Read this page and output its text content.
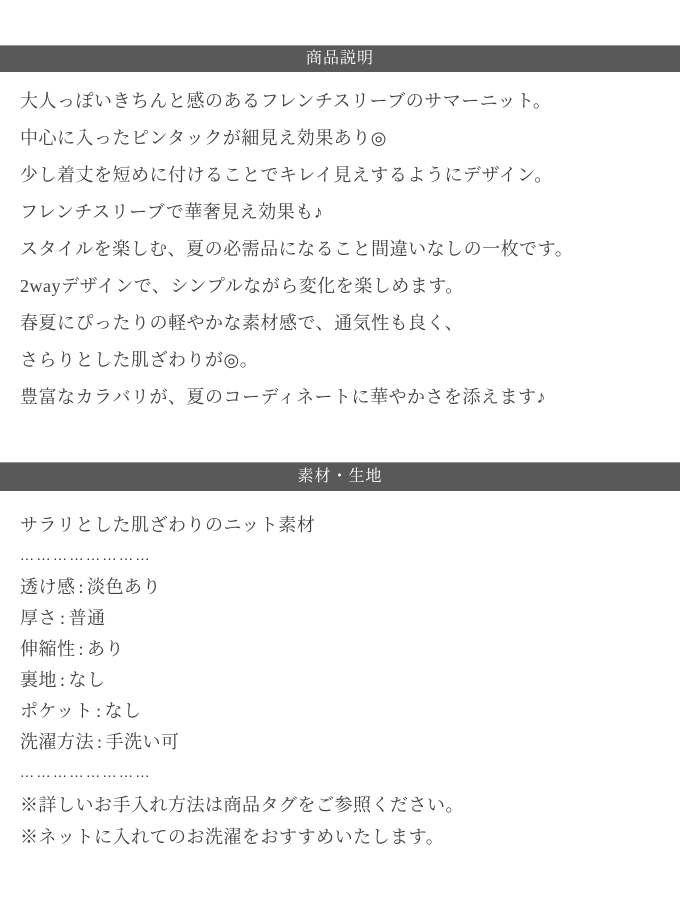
商品説明

大人っぽいきちんと感のあるフレンチスリーブのサマーニット。

中心に入ったピンタックが細見え効果あり◎

少し着丈を短めに付けることでキレイ見えするようにデザイン。

フレンチスリーブで華奢見え効果も♪

スタイルを楽しむ、夏の必需品になること間違いなしの一枚です。

2wayデザインで、シンプルながら変化を楽しめます。

春夏にぴったりの軽やかな素材感で、通気性も良く、

さらりとした肌ざわりが◎。

豊富なカラバリが、夏のコーディネートに華やかさを添えます♪

素材・生地

サラリとした肌ざわりのニット素材

……………………

透け感 : 淡色あり

厚さ : 普通

伸縮性 : あり

裏地 : なし

ポケット : なし

洗濯方法 : 手洗い可

……………………

※詳しいお手入れ方法は商品タグをご参照ください。

※ネットに入れてのお洗濯をおすすめいたします。
